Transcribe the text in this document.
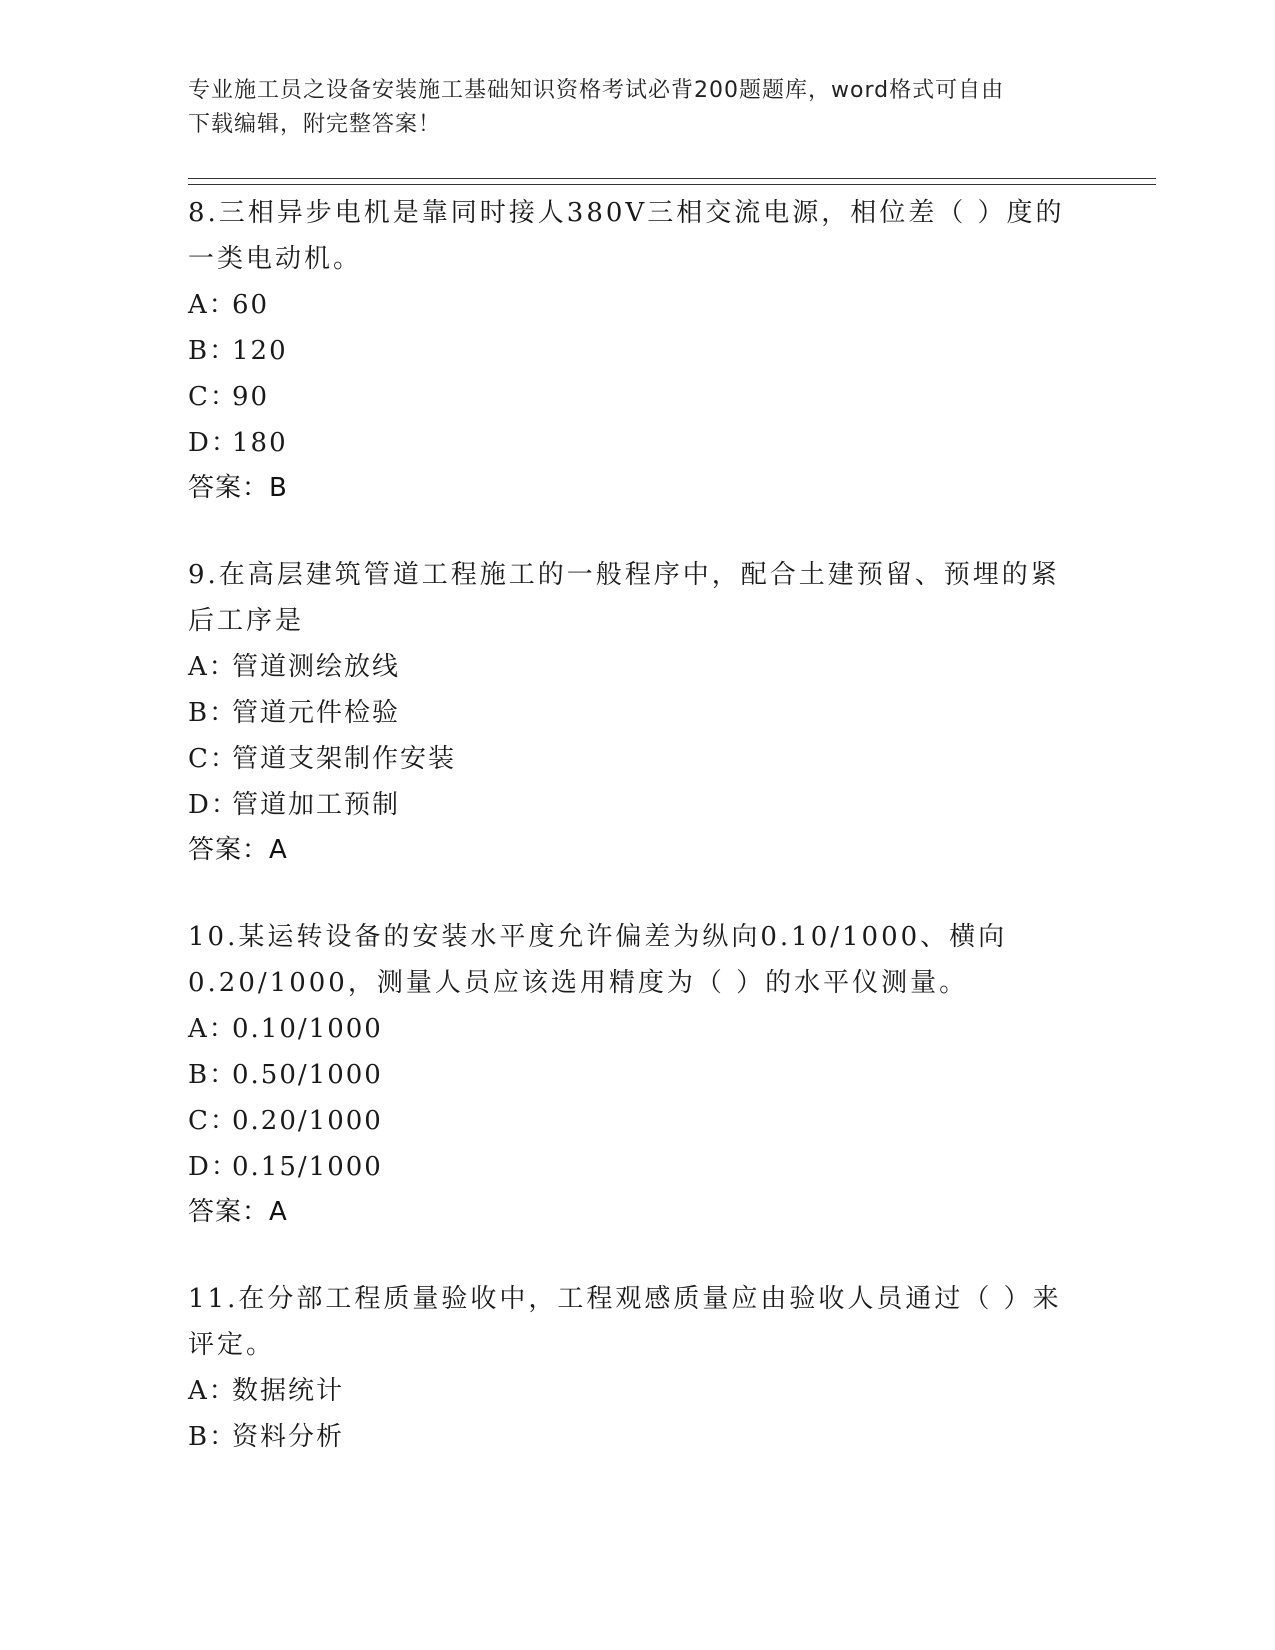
专业施工员之设备安装施工基础知识资格考试必背200题题库，word格式可自由
下载编辑，附完整答案！
8.三相异步电机是靠同时接人380V三相交流电源，相位差（ ）度的
一类电动机。
A：60
B：120
C：90
D：180
答案：B
9.在高层建筑管道工程施工的一般程序中，配合土建预留、预埋的紧
后工序是
A：管道测绘放线
B：管道元件检验
C：管道支架制作安装
D：管道加工预制
答案：A
10.某运转设备的安装水平度允许偏差为纵向0.10/1000、横向
0.20/1000，测量人员应该选用精度为（ ）的水平仪测量。
A：0.10/1000
B：0.50/1000
C：0.20/1000
D：0.15/1000
答案：A
11.在分部工程质量验收中，工程观感质量应由验收人员通过（ ）来
评定。
A：数据统计
B：资料分析
